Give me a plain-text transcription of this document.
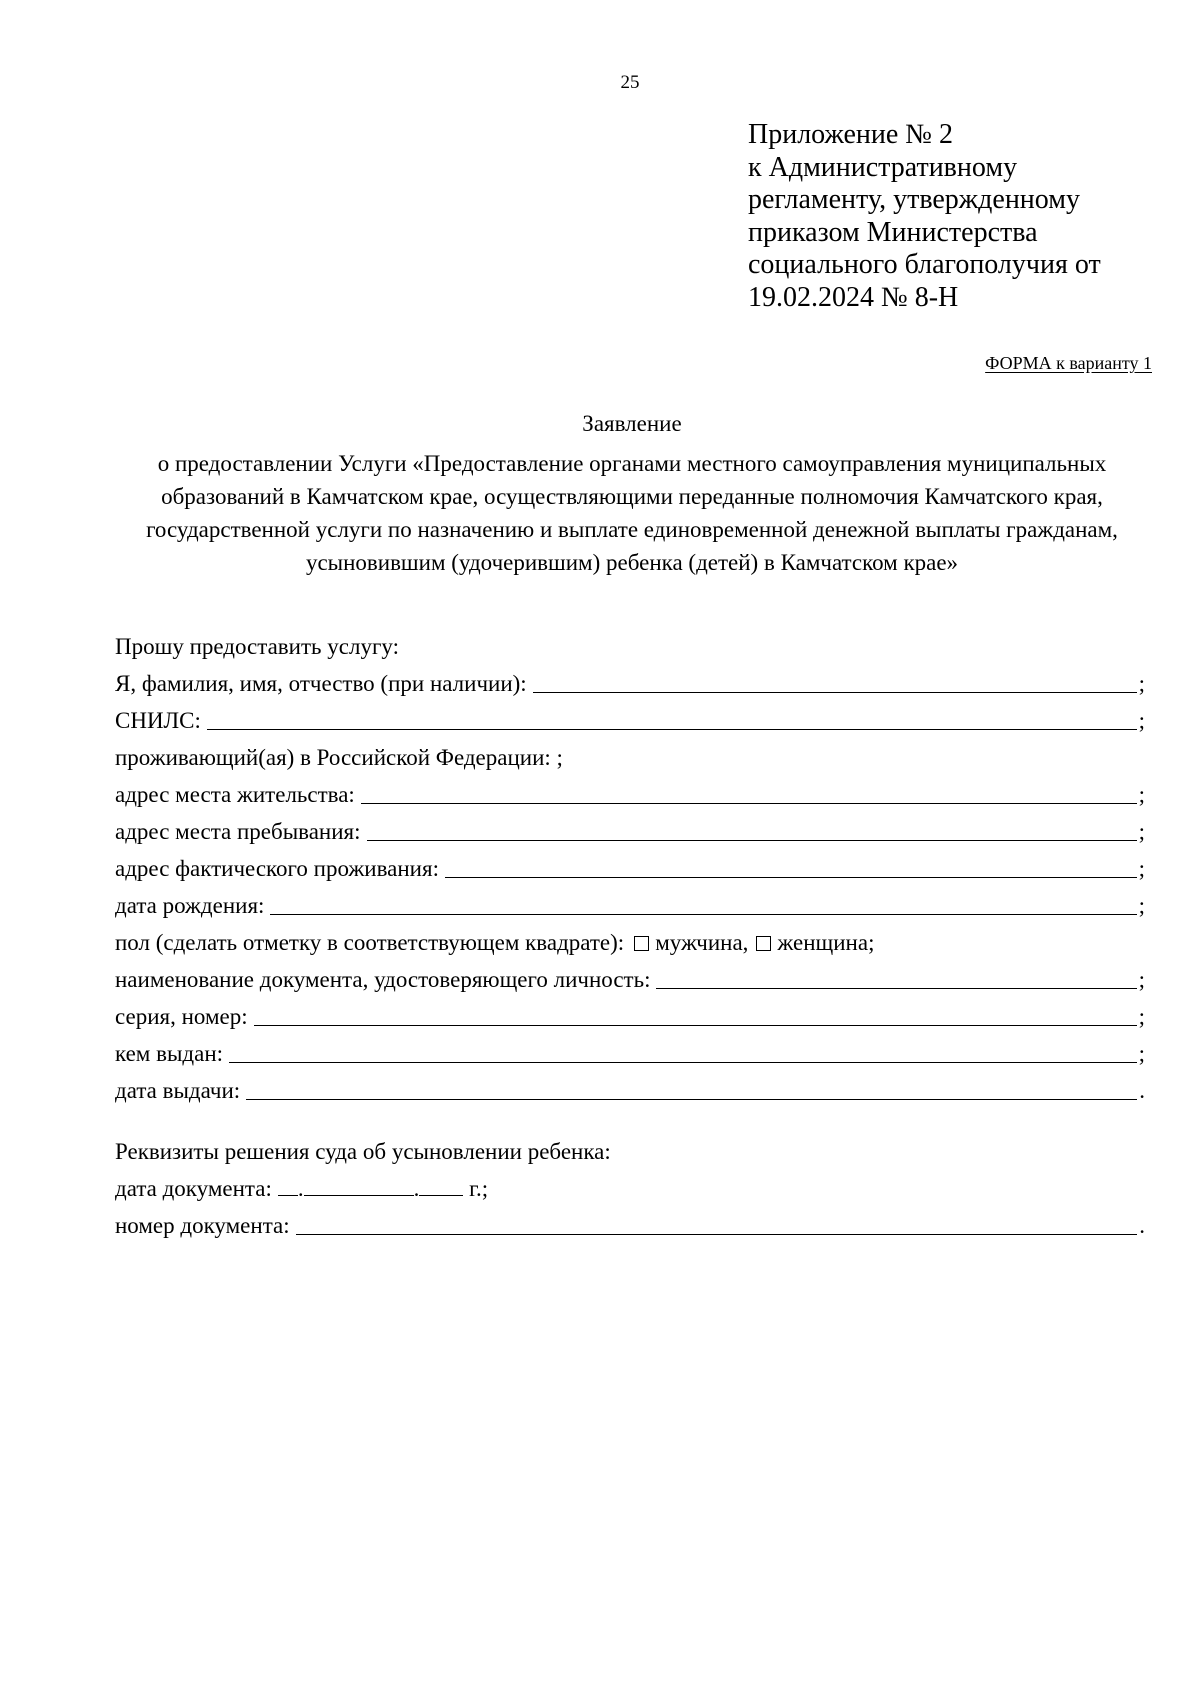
25
Приложение № 2
к Административному
регламенту, утвержденному
приказом Министерства
социального благополучия от
19.02.2024 № 8-Н
ФОРМА к варианту 1
Заявление
о предоставлении Услуги «Предоставление органами местного самоуправления муниципальных
образований в Камчатском крае, осуществляющими переданные полномочия Камчатского края,
государственной услуги по назначению и выплате единовременной денежной выплаты гражданам,
усыновившим (удочерившим) ребенка (детей) в Камчатском крае»
Прошу предоставить услугу:
Я, фамилия, имя, отчество (при наличии):	;
СНИЛС:	;
проживающий(ая) в Российской Федерации: ;
адрес места жительства:	;
адрес места пребывания:	;
адрес фактического проживания:	;
дата рождения:	;
пол (сделать отметку в соответствующем квадрате): мужчина, женщина;
наименование документа, удостоверяющего личность:	;
серия, номер:	;
кем выдан:	;
дата выдачи:	.
Реквизиты решения суда об усыновлении ребенка:
дата документа: .	. г.;
номер документа:	.
